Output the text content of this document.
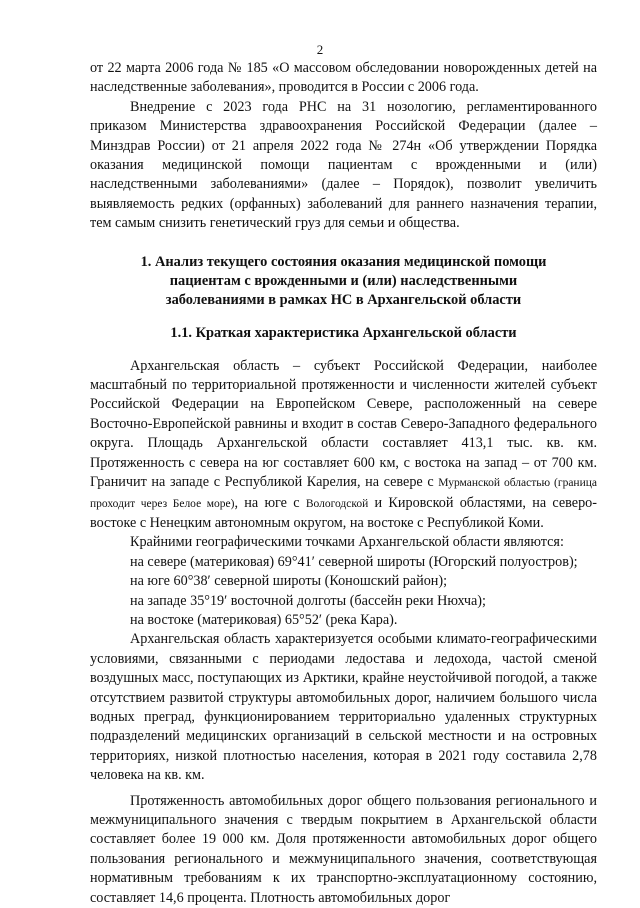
2

от 22 марта 2006 года № 185 «О массовом обследовании новорожденных детей на наследственные заболевания», проводится в России с 2006 года.

Внедрение с 2023 года РНС на 31 нозологию, регламентированного приказом Министерства здравоохранения Российской Федерации (далее – Минздрав России) от 21 апреля 2022 года № 274н «Об утверждении Порядка оказания медицинской помощи пациентам с врожденными и (или) наследственными заболеваниями» (далее – Порядок), позволит увеличить выявляемость редких (орфанных) заболеваний для раннего назначения терапии, тем самым снизить генетический груз для семьи и общества.

1. Анализ текущего состояния оказания медицинской помощи
пациентам с врожденными и (или) наследственными
заболеваниями в рамках НС в Архангельской области
1.1. Краткая характеристика Архангельской области

Архангельская область – субъект Российской Федерации, наиболее масштабный по территориальной протяженности и численности жителей субъект Российской Федерации на Европейском Севере, расположенный на севере Восточно-Европейской равнины и входит в состав Северо-Западного федерального округа. Площадь Архангельской области составляет 413,1 тыс. кв. км. Протяженность с севера на юг составляет 600 км, с востока на запад – от 700 км. Граничит на западе с Республикой Карелия, на севере с Мурманской областью (граница проходит через Белое море), на юге с Вологодской и Кировской областями, на северо-востоке с Ненецким автономным округом, на востоке с Республикой Коми.

Крайними географическими точками Архангельской области являются:

на севере (материковая) 69°41′ северной широты (Югорский полуостров);

на юге 60°38′ северной широты (Коношский район);

на западе 35°19′ восточной долготы (бассейн реки Нюхча);

на востоке (материковая) 65°52′ (река Кара).

Архангельская область характеризуется особыми климато-географическими условиями, связанными с периодами ледостава и ледохода, частой сменой воздушных масс, поступающих из Арктики, крайне неустойчивой погодой, а также отсутствием развитой структуры автомобильных дорог, наличием большого числа водных преград, функционированием территориально удаленных структурных подразделений медицинских организаций в сельской местности и на островных территориях, низкой плотностью населения, которая в 2021 году составила 2,78 человека на кв. км.

Протяженность автомобильных дорог общего пользования регионального и межмуниципального значения с твердым покрытием в Архангельской области составляет более 19 000 км. Доля протяженности автомобильных дорог общего пользования регионального и межмуниципального значения, соответствующая нормативным требованиям к их транспортно-эксплуатационному состоянию, составляет 14,6 процента. Плотность автомобильных дорог
